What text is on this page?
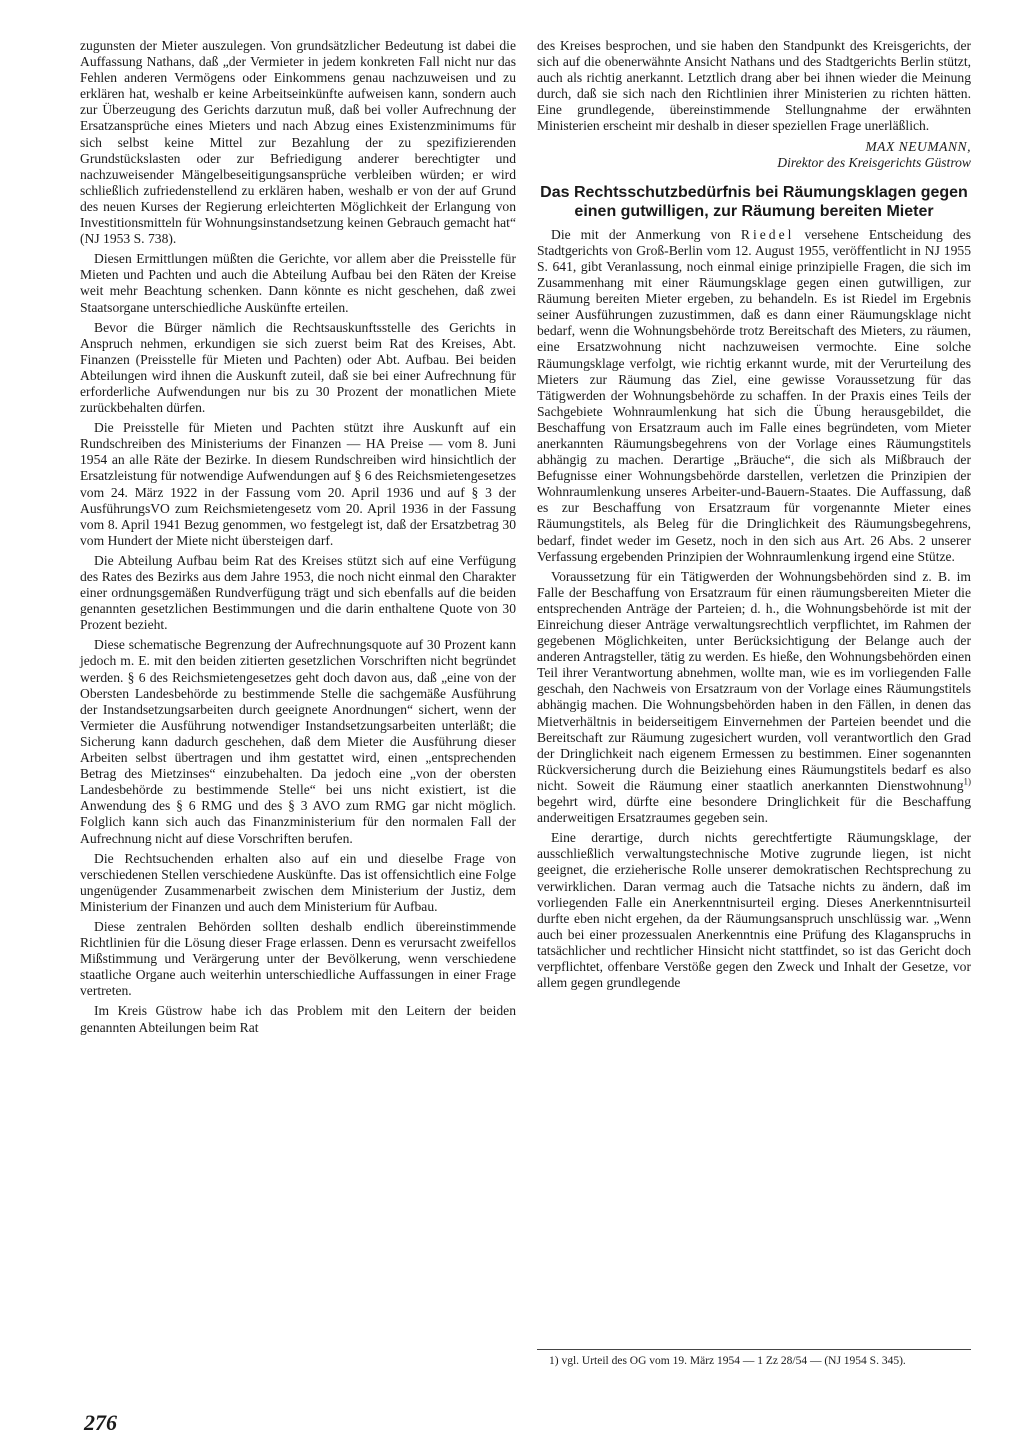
zugunsten der Mieter auszulegen. Von grundsätzlicher Bedeutung ist dabei die Auffassung Nathans, daß „der Vermieter in jedem konkreten Fall nicht nur das Fehlen anderen Vermögens oder Einkommens genau nachzuweisen und zu erklären hat, weshalb er keine Arbeitseinkünfte aufweisen kann, sondern auch zur Überzeugung des Gerichts darzutun muß, daß bei voller Aufrechnung der Ersatzansprüche eines Mieters und nach Abzug eines Existenzminimums für sich selbst keine Mittel zur Bezahlung der zu spezifizierenden Grundstückslasten oder zur Befriedigung anderer berechtigter und nachzuweisender Mängelbeseitigungsansprüche verbleiben würden; er wird schließlich zufriedenstellend zu erklären haben, weshalb er von der auf Grund des neuen Kurses der Regierung erleichterten Möglichkeit der Erlangung von Investitionsmitteln für Wohnungsinstandsetzung keinen Gebrauch gemacht hat“ (NJ 1953 S. 738).

Diesen Ermittlungen müßten die Gerichte, vor allem aber die Preisstelle für Mieten und Pachten und auch die Abteilung Aufbau bei den Räten der Kreise weit mehr Beachtung schenken. Dann könnte es nicht geschehen, daß zwei Staatsorgane unterschiedliche Auskünfte erteilen.

Bevor die Bürger nämlich die Rechtsauskunftsstelle des Gerichts in Anspruch nehmen, erkundigen sie sich zuerst beim Rat des Kreises, Abt. Finanzen (Preisstelle für Mieten und Pachten) oder Abt. Aufbau. Bei beiden Abteilungen wird ihnen die Auskunft zuteil, daß sie bei einer Aufrechnung für erforderliche Aufwendungen nur bis zu 30 Prozent der monatlichen Miete zurückbehalten dürfen.

Die Preisstelle für Mieten und Pachten stützt ihre Auskunft auf ein Rundschreiben des Ministeriums der Finanzen — HA Preise — vom 8. Juni 1954 an alle Räte der Bezirke. In diesem Rundschreiben wird hinsichtlich der Ersatzleistung für notwendige Aufwendungen auf § 6 des Reichsmietengesetzes vom 24. März 1922 in der Fassung vom 20. April 1936 und auf § 3 der AusführungsVO zum Reichsmietengesetz vom 20. April 1936 in der Fassung vom 8. April 1941 Bezug genommen, wo festgelegt ist, daß der Ersatzbetrag 30 vom Hundert der Miete nicht übersteigen darf.

Die Abteilung Aufbau beim Rat des Kreises stützt sich auf eine Verfügung des Rates des Bezirks aus dem Jahre 1953, die noch nicht einmal den Charakter einer ordnungsgemäßen Rundverfügung trägt und sich ebenfalls auf die beiden genannten gesetzlichen Bestimmungen und die darin enthaltene Quote von 30 Prozent bezieht.

Diese schematische Begrenzung der Aufrechnungsquote auf 30 Prozent kann jedoch m. E. mit den beiden zitierten gesetzlichen Vorschriften nicht begründet werden. § 6 des Reichsmietengesetzes geht doch davon aus, daß „eine von der Obersten Landesbehörde zu bestimmende Stelle die sachgemäße Ausführung der Instandsetzungsarbeiten durch geeignete Anordnungen“ sichert, wenn der Vermieter die Ausführung notwendiger Instandsetzungsarbeiten unterläßt; die Sicherung kann dadurch geschehen, daß dem Mieter die Ausführung dieser Arbeiten selbst übertragen und ihm gestattet wird, einen „entsprechenden Betrag des Mietzinses“ einzubehalten. Da jedoch eine „von der obersten Landesbehörde zu bestimmende Stelle“ bei uns nicht existiert, ist die Anwendung des § 6 RMG und des § 3 AVO zum RMG gar nicht möglich. Folglich kann sich auch das Finanzministerium für den normalen Fall der Aufrechnung nicht auf diese Vorschriften berufen.

Die Rechtsuchenden erhalten also auf ein und dieselbe Frage von verschiedenen Stellen verschiedene Auskünfte. Das ist offensichtlich eine Folge ungenügender Zusammenarbeit zwischen dem Ministerium der Justiz, dem Ministerium der Finanzen und auch dem Ministerium für Aufbau.

Diese zentralen Behörden sollten deshalb endlich übereinstimmende Richtlinien für die Lösung dieser Frage erlassen. Denn es verursacht zweifellos Mißstimmung und Verärgerung unter der Bevölkerung, wenn verschiedene staatliche Organe auch weiterhin unterschiedliche Auffassungen in einer Frage vertreten.

Im Kreis Güstrow habe ich das Problem mit den Leitern der beiden genannten Abteilungen beim Rat

des Kreises besprochen, und sie haben den Standpunkt des Kreisgerichts, der sich auf die obenerwähnte Ansicht Nathans und des Stadtgerichts Berlin stützt, auch als richtig anerkannt. Letztlich drang aber bei ihnen wieder die Meinung durch, daß sie sich nach den Richtlinien ihrer Ministerien zu richten hätten. Eine grundlegende, übereinstimmende Stellungnahme der erwähnten Ministerien erscheint mir deshalb in dieser speziellen Frage unerläßlich.

MAX NEUMANN,
Direktor des Kreisgerichts Güstrow
Das Rechtsschutzbedürfnis bei Räumungsklagen gegen einen gutwilligen, zur Räumung bereiten Mieter

Die mit der Anmerkung von Riedel versehene Entscheidung des Stadtgerichts von Groß-Berlin vom 12. August 1955, veröffentlicht in NJ 1955 S. 641, gibt Veranlassung, noch einmal einige prinzipielle Fragen, die sich im Zusammenhang mit einer Räumungsklage gegen einen gutwilligen, zur Räumung bereiten Mieter ergeben, zu behandeln. Es ist Riedel im Ergebnis seiner Ausführungen zuzustimmen, daß es dann einer Räumungsklage nicht bedarf, wenn die Wohnungsbehörde trotz Bereitschaft des Mieters, zu räumen, eine Ersatzwohnung nicht nachzuweisen vermochte. Eine solche Räumungsklage verfolgt, wie richtig erkannt wurde, mit der Verurteilung des Mieters zur Räumung das Ziel, eine gewisse Voraussetzung für das Tätigwerden der Wohnungsbehörde zu schaffen. In der Praxis eines Teils der Sachgebiete Wohnraumlenkung hat sich die Übung herausgebildet, die Beschaffung von Ersatzraum auch im Falle eines begründeten, vom Mieter anerkannten Räumungsbegehrens von der Vorlage eines Räumungstitels abhängig zu machen. Derartige „Bräuche“, die sich als Mißbrauch der Befugnisse einer Wohnungsbehörde darstellen, verletzen die Prinzipien der Wohnraumlenkung unseres Arbeiter-und-Bauern-Staates. Die Auffassung, daß es zur Beschaffung von Ersatzraum für vorgenannte Mieter eines Räumungstitels, als Beleg für die Dringlichkeit des Räumungsbegehrens, bedarf, findet weder im Gesetz, noch in den sich aus Art. 26 Abs. 2 unserer Verfassung ergebenden Prinzipien der Wohnraumlenkung irgend eine Stütze.

Voraussetzung für ein Tätigwerden der Wohnungsbehörden sind z. B. im Falle der Beschaffung von Ersatzraum für einen räumungsbereiten Mieter die entsprechenden Anträge der Parteien; d. h., die Wohnungsbehörde ist mit der Einreichung dieser Anträge verwaltungsrechtlich verpflichtet, im Rahmen der gegebenen Möglichkeiten, unter Berücksichtigung der Belange auch der anderen Antragsteller, tätig zu werden. Es hieße, den Wohnungsbehörden einen Teil ihrer Verantwortung abnehmen, wollte man, wie es im vorliegenden Falle geschah, den Nachweis von Ersatzraum von der Vorlage eines Räumungstitels abhängig machen. Die Wohnungsbehörden haben in den Fällen, in denen das Mietverhältnis in beiderseitigem Einvernehmen der Parteien beendet und die Bereitschaft zur Räumung zugesichert wurden, voll verantwortlich den Grad der Dringlichkeit nach eigenem Ermessen zu bestimmen. Einer sogenannten Rückversicherung durch die Beiziehung eines Räumungstitels bedarf es also nicht. Soweit die Räumung einer staatlich anerkannten Dienstwohnung$^{1)}$ begehrt wird, dürfte eine besondere Dringlichkeit für die Beschaffung anderweitigen Ersatzraumes gegeben sein.

Eine derartige, durch nichts gerechtfertigte Räumungsklage, der ausschließlich verwaltungstechnische Motive zugrunde liegen, ist nicht geeignet, die erzieherische Rolle unserer demokratischen Rechtsprechung zu verwirklichen. Daran vermag auch die Tatsache nichts zu ändern, daß im vorliegenden Falle ein Anerkenntnisurteil erging. Dieses Anerkenntnisurteil durfte eben nicht ergehen, da der Räumungsanspruch unschlüssig war. „Wenn auch bei einer prozessualen Anerkenntnis eine Prüfung des Klaganspruchs in tatsächlicher und rechtlicher Hinsicht nicht stattfindet, so ist das Gericht doch verpflichtet, offenbare Verstöße gegen den Zweck und Inhalt der Gesetze, vor allem gegen grundlegende

1) vgl. Urteil des OG vom 19. März 1954 — 1 Zz 28/54 — (NJ 1954 S. 345).

276
